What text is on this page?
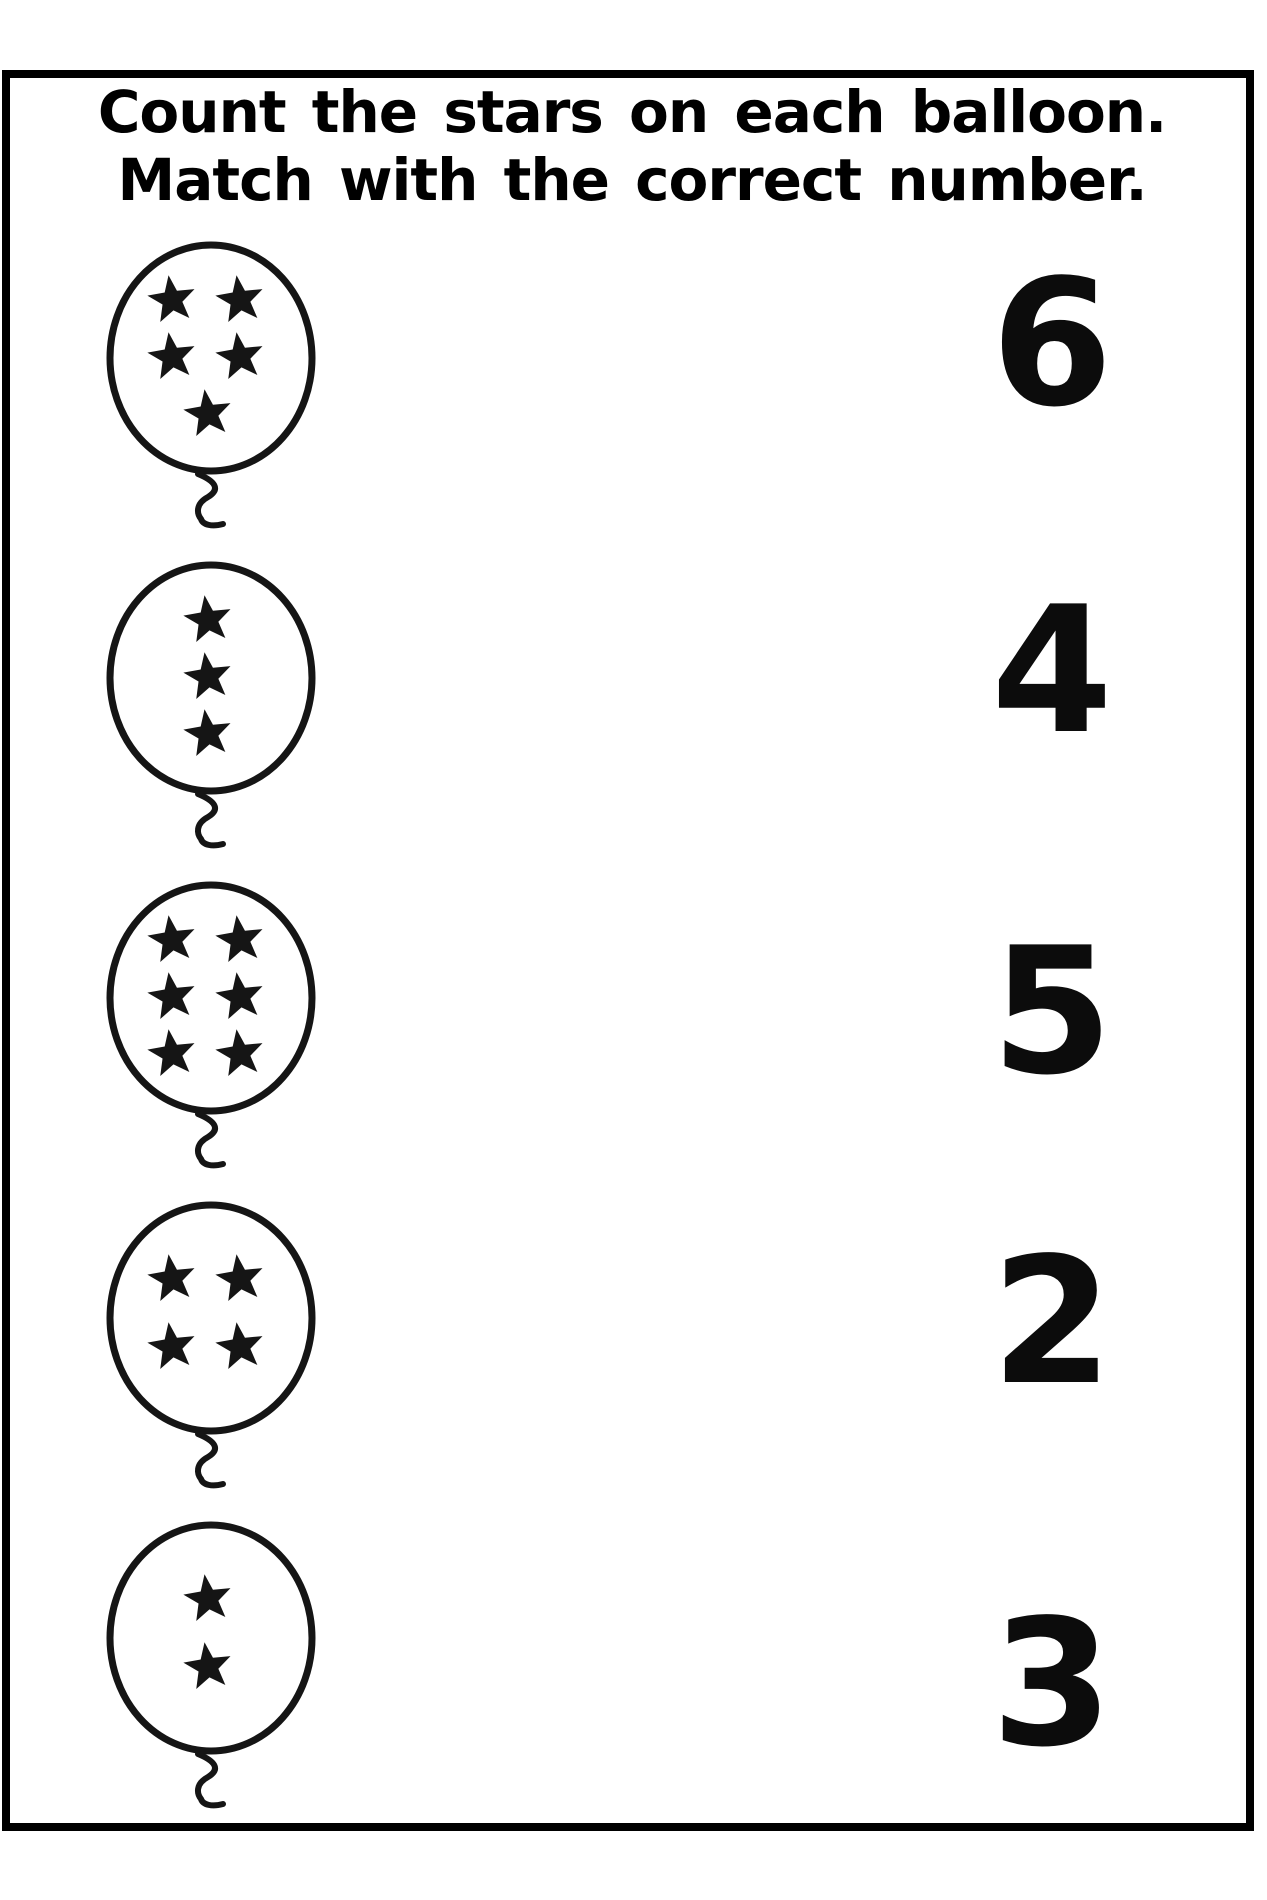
Count the stars on each balloon.
Match with the correct number.
6
4
5
2
3
